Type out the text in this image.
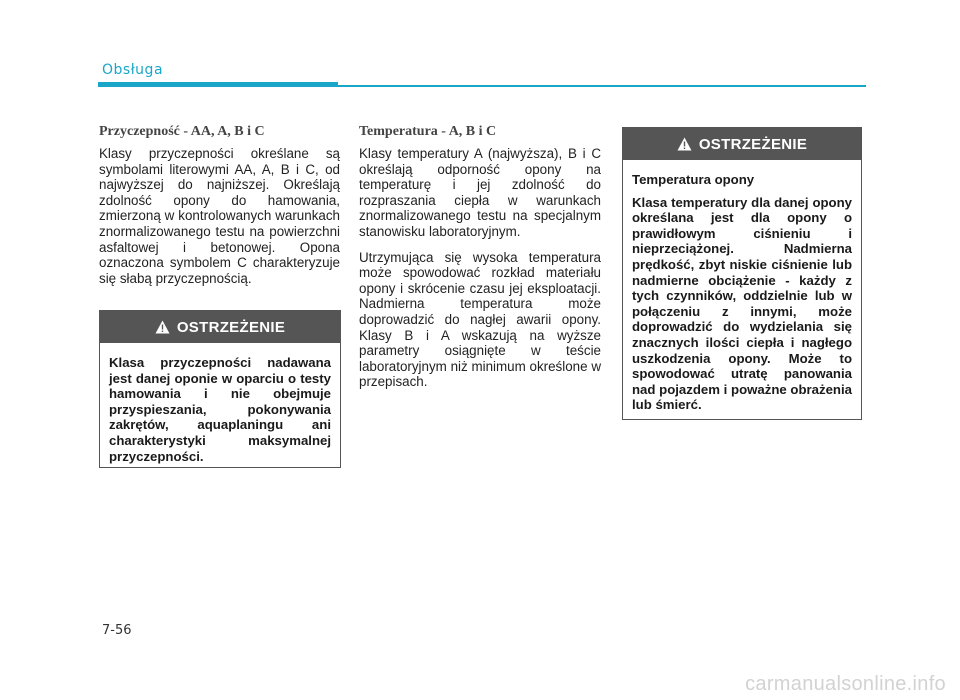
Obsługa
Przyczepność - AA, A, B i C

Klasy przyczepności określane są symbolami literowymi AA, A, B i C, od najwyższej do najniższej. Określają zdolność opony do hamowania, zmierzoną w kontrolowanych warunkach znormalizowanego testu na powierzchni asfaltowej i betonowej. Opona oznaczona symbolem C charakteryzuje się słabą przyczepnością.

OSTRZEŻENIE
Klasa przyczepności nadawana jest danej oponie w oparciu o testy hamowania i nie obejmuje przyspieszania, pokonywania zakrętów, aquaplaningu ani charakterystyki maksymalnej przyczepności.
Temperatura - A, B i C

Klasy temperatury A (najwyższa), B i C określają odporność opony na temperaturę i jej zdolność do rozpraszania ciepła w warunkach znormalizowanego testu na specjalnym stanowisku laboratoryjnym.

Utrzymująca się wysoka temperatura może spowodować rozkład materiału opony i skrócenie czasu jej eksploatacji. Nadmierna temperatura może doprowadzić do nagłej awarii opony. Klasy B i A wskazują na wyższe parametry osiągnięte w teście laboratoryjnym niż minimum określone w przepisach.

OSTRZEŻENIE
Temperatura opony
Klasa temperatury dla danej opony określana jest dla opony o prawidłowym ciśnieniu i nieprzeciążonej. Nadmierna prędkość, zbyt niskie ciśnienie lub nadmierne obciążenie - każdy z tych czynników, oddzielnie lub w połączeniu z innymi, może doprowadzić do wydzielania się znacznych ilości ciepła i nagłego uszkodzenia opony. Może to spowodować utratę panowania nad pojazdem i poważne obrażenia lub śmierć.
7-56
carmanualsonline.info
